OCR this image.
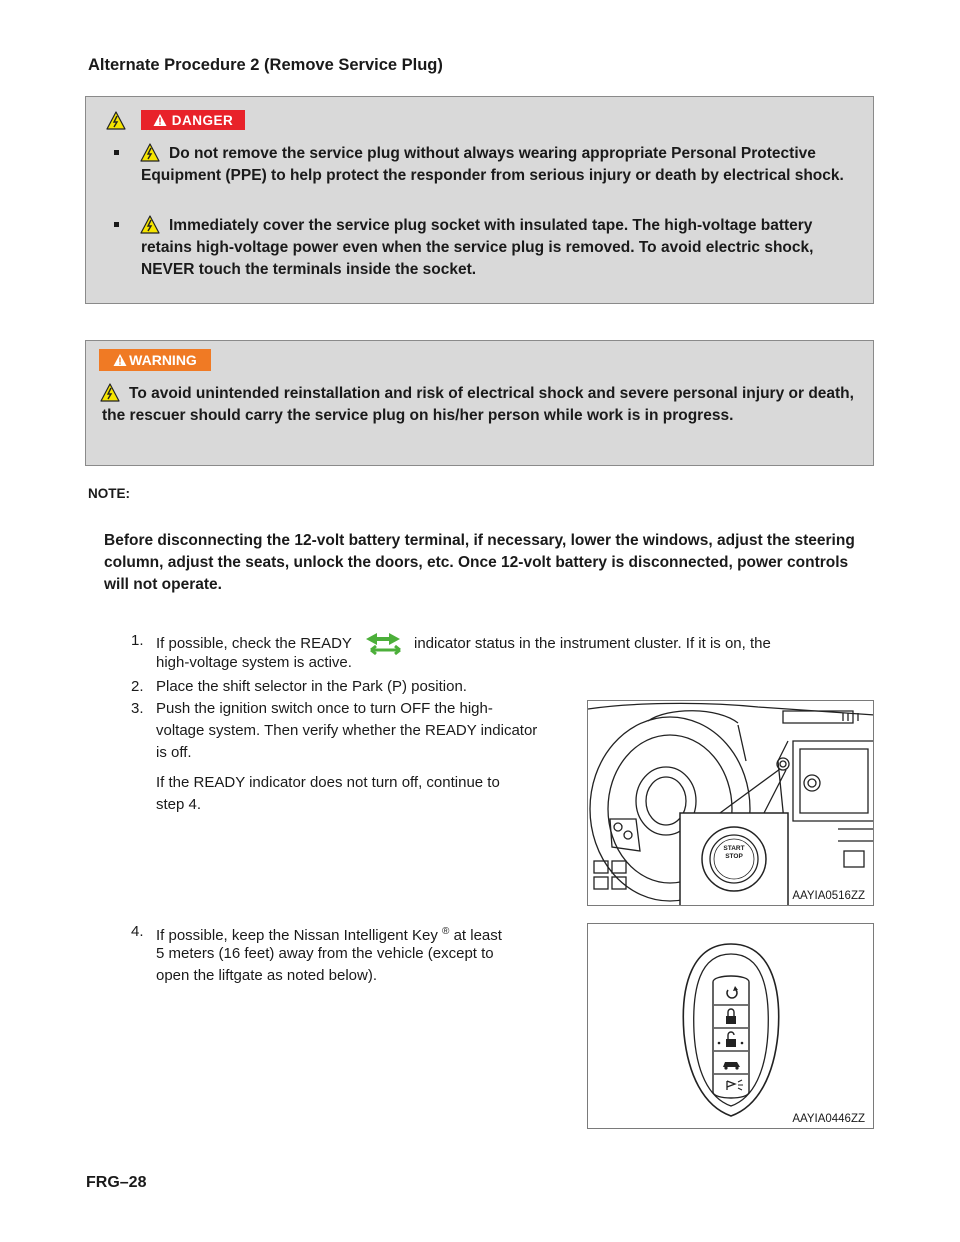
Alternate Procedure 2 (Remove Service Plug)
DANGER
Do not remove the service plug without always wearing appropriate Personal Protective Equipment (PPE) to help protect the responder from serious injury or death by electrical shock.
Immediately cover the service plug socket with insulated tape. The high-voltage battery retains high-voltage power even when the service plug is removed. To avoid electric shock, NEVER touch the terminals inside the socket.
WARNING
To avoid unintended reinstallation and risk of electrical shock and severe personal injury or death, the rescuer should carry the service plug on his/her person while work is in progress.
NOTE:
Before disconnecting the 12-volt battery terminal, if necessary, lower the windows, adjust the steering column, adjust the seats, unlock the doors, etc. Once 12-volt battery is disconnected, power controls will not operate.
1. If possible, check the READY	indicator status in the instrument cluster. If it is on, the
high-voltage system is active.
2. Place the shift selector in the Park (P) position.
3. Push the ignition switch once to turn OFF the high-
voltage system. Then verify whether the READY indicator
is off.
If the READY indicator does not turn off, continue to
step 4.
4. If possible, keep the Nissan Intelligent Key ® at least
5 meters (16 feet) away from the vehicle (except to
open the liftgate as noted below).
START
STOP
AAYIA0516ZZ
AAYIA0446ZZ
FRG–28
